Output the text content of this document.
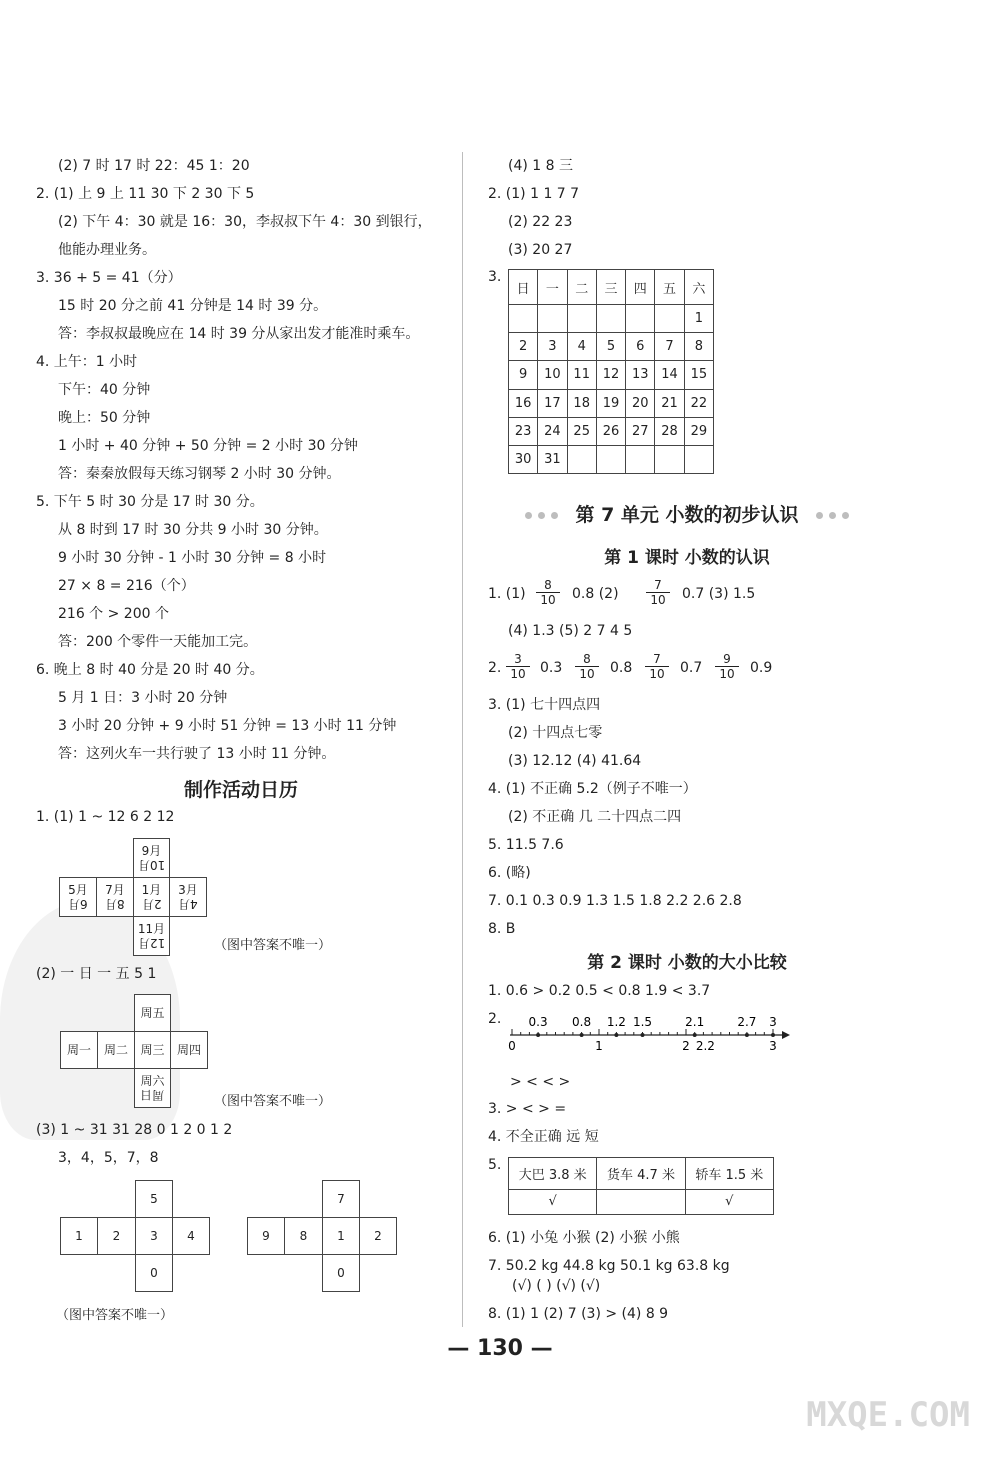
(2) 7 时 17 时 22：45 1：20
2. (1) 上 9 上 11 30 下 2 30 下 5
(2) 下午 4：30 就是 16：30，李叔叔下午 4：30 到银行，
他能办理业务。
3. 36 + 5 = 41（分）
15 时 20 分之前 41 分钟是 14 时 39 分。
答：李叔叔最晚应在 14 时 39 分从家出发才能准时乘车。
4. 上午：1 小时
下午：40 分钟
晚上：50 分钟
1 小时 + 40 分钟 + 50 分钟 = 2 小时 30 分钟
答：秦秦放假每天练习钢琴 2 小时 30 分钟。
5. 下午 5 时 30 分是 17 时 30 分。
从 8 时到 17 时 30 分共 9 小时 30 分钟。
9 小时 30 分钟 - 1 小时 30 分钟 = 8 小时
27 × 8 = 216（个）
216 个 > 200 个
答：200 个零件一天能加工完。
6. 晚上 8 时 40 分是 20 时 40 分。
5 月 1 日：3 小时 20 分钟
3 小时 20 分钟 + 9 小时 51 分钟 = 13 小时 11 分钟
答：这列火车一共行驶了 13 小时 11 分钟。
制作活动日历
1. (1) 1 ~ 12 6 2 12
9月
10月
5月
6月
7月
8月
1月
2月
3月
4月
11月
12月	（图中答案不唯一）
(2) 一 日 一 五 5 1
周五
周一	周二	周三	周四
周六
周日	（图中答案不唯一）
(3) 1 ~ 31 31 28 0 1 2 0 1 2
3，4，5，7，8
5
1	2	3	4
0
7
9	8	1	2
0
（图中答案不唯一）
(4) 1 8 三
2. (1) 1 1 7 7
(2) 22 23
(3) 20 27
3.
日	一	二	三	四	五	六
						1
2	3	4	5	6	7	8
9	10	11	12	13	14	15
16	17	18	19	20	21	22
23	24	25	26	27	28	29
30	31					
第 7 单元 小数的初步认识
第 1 课时 小数的认识
1. $(1) \frac{8}{10} 0.8$ $(2) \frac{7}{10} 0.7$ (3) 1.5
(4) 1.3 (5) 2 7 4 5
2. $\frac{3}{10} 0.3 \frac{8}{10} 0.8 \frac{7}{10} 0.7 \frac{9}{10} 0.9$
3. (1) 七十四点四
(2) 十四点七零
(3) 12.12 (4) 41.64
4. (1) 不正确 5.2（例子不唯一）
(2) 不正确 几 二十四点二四
5. 11.5 7.6
6. (略)
7. 0.1 0.3 0.9 1.3 1.5 1.8 2.2 2.6 2.8
8. B
第 2 课时 小数的大小比较
1. 0.6 > 0.2 0.5 < 0.8 1.9 < 3.7
2. 0.3 0.8 1.2 1.5	2.1	2.7 3
0	1	2 2.2	3
> < < >
3. > < > =
4. 不全正确 远 短
5.
大巴 3.8 米	货车 4.7 米	轿车 1.5 米
√		√
6. (1) 小兔 小猴 (2) 小猴 小熊
7. 50.2 kg 44.8 kg 50.1 kg 63.8 kg
(√) ( ) (√) (√)
8. (1) 1 (2) 7 (3) > (4) 8 9
— 130 —
MXQE.COM
